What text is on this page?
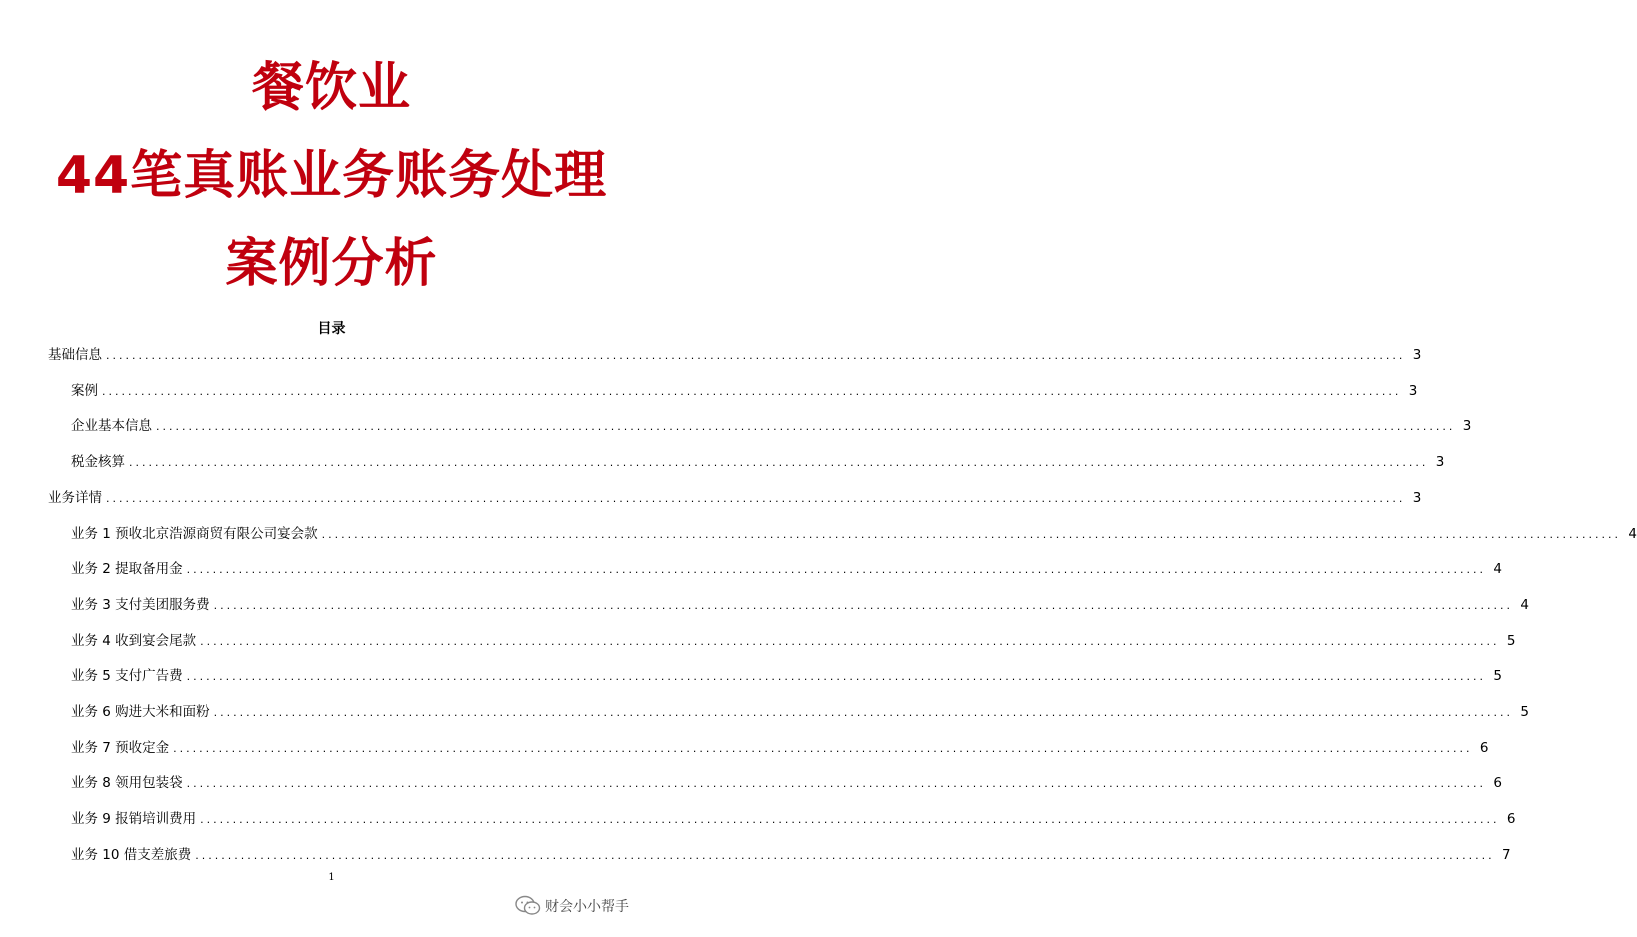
餐饮业
44笔真账业务账务处理
案例分析
目录
基础信息 ........................................................................................................................................................................................................ 3
案例 ........................................................................................................................................................................................................ 3
企业基本信息 ........................................................................................................................................................................................................ 3
税金核算 ........................................................................................................................................................................................................ 3
业务详情 ........................................................................................................................................................................................................ 3
业务 1 预收北京浩源商贸有限公司宴会款 ........................................................................................................................................................................................................ 4
业务 2 提取备用金 ........................................................................................................................................................................................................ 4
业务 3 支付美团服务费 ........................................................................................................................................................................................................ 4
业务 4 收到宴会尾款 ........................................................................................................................................................................................................ 5
业务 5 支付广告费 ........................................................................................................................................................................................................ 5
业务 6 购进大米和面粉 ........................................................................................................................................................................................................ 5
业务 7 预收定金 ........................................................................................................................................................................................................ 6
业务 8 领用包装袋 ........................................................................................................................................................................................................ 6
业务 9 报销培训费用 ........................................................................................................................................................................................................ 6
业务 10 借支差旅费 ........................................................................................................................................................................................................ 7
1
财会小小帮手
